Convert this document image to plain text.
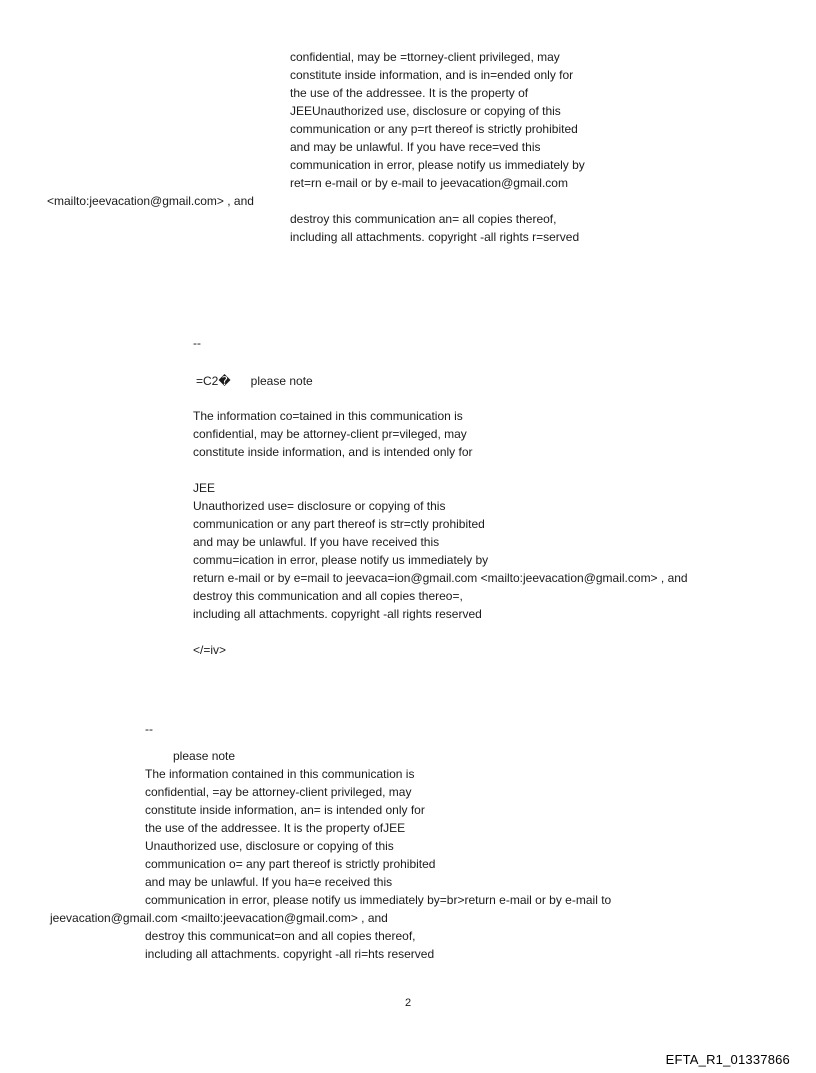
confidential, may be =ttorney-client privileged, may
constitute inside information, and is in=ended only for
the use of the addressee. It is the property of
JEEUnauthorized use, disclosure or copying of this
communication or any p=rt thereof is strictly prohibited
and may be unlawful. If you have rece=ved this
communication in error, please notify us immediately by
ret=rn e-mail or by e-mail to jeevacation@gmail.com
<mailto:jeevacation@gmail.com> , and
destroy this communication an= all copies thereof,
including all attachments. copyright -all rights r=served
--
=C2�      please note
The information co=tained in this communication is
confidential, may be attorney-client pr=vileged, may
constitute inside information, and is intended only for
JEE
Unauthorized use= disclosure or copying of this
communication or any part thereof is str=ctly prohibited
and may be unlawful. If you have received this
commu=ication in error, please notify us immediately by
return e-mail or by e=mail to jeevaca=ion@gmail.com <mailto:jeevacation@gmail.com> , and
destroy this communication and all copies thereo=,
including all attachments. copyright -all rights reserved
</=iv>
--
please note
The information contained in this communication is
confidential, =ay be attorney-client privileged, may
constitute inside information, an= is intended only for
the use of the addressee. It is the property ofJEE
Unauthorized use, disclosure or copying of this
communication o= any part thereof is strictly prohibited
and may be unlawful. If you ha=e received this
communication in error, please notify us immediately by=br>return e-mail or by e-mail to
jeevacation@gmail.com <mailto:jeevacation@gmail.com> , and
destroy this communicat=on and all copies thereof,
including all attachments. copyright -all ri=hts reserved
2
EFTA_R1_01337866
